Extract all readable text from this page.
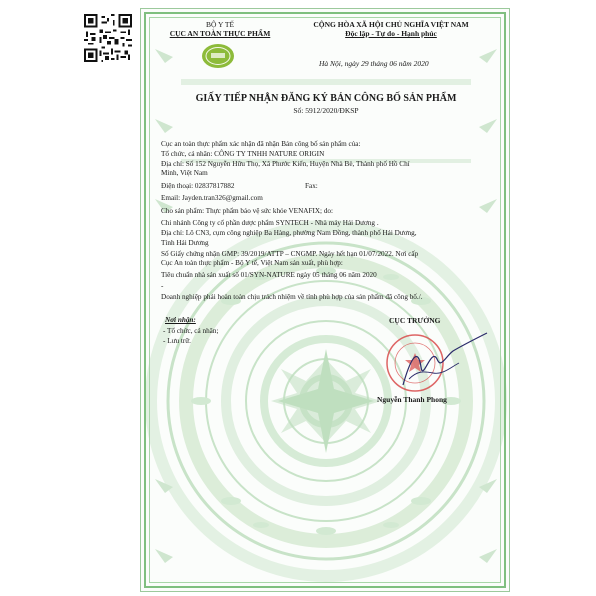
BỘ Y TẾ
CỤC AN TOÀN THỰC PHẨM
CỘNG HÒA XÃ HỘI CHỦ NGHĨA VIỆT NAM
Độc lập - Tự do - Hạnh phúc
Hà Nội, ngày 29 tháng 06 năm 2020
GIẤY TIẾP NHẬN ĐĂNG KÝ BẢN CÔNG BỐ SẢN PHẨM
Số: 5912/2020/ĐKSP
Cục an toàn thực phẩm xác nhận đã nhận Bản công bố sản phẩm của:
Tổ chức, cá nhân: CÔNG TY TNHH NATURE ORIGIN
Địa chỉ: Số 152 Nguyễn Hữu Thọ, Xã Phước Kiển, Huyện Nhà Bè, Thành phố Hồ Chí
Minh, Việt Nam
Điện thoại: 02837817882	Fax:
Email: Jayden.tran326@gmail.com
Cho sản phẩm: Thực phẩm bảo vệ sức khỏe VENAFIX; do:
Chi nhánh Công ty cổ phần dược phẩm SYNTECH - Nhà máy Hải Dương .
Địa chỉ: Lô CN3, cụm công nghiệp Ba Hàng, phường Nam Đồng, thành phố Hải Dương,
Tỉnh Hải Dương
Số Giấy chứng nhận GMP: 39/2019/ATTP – CNGMP. Ngày hết hạn 01/07/2022. Nơi cấp
Cục An toàn thực phẩm - Bộ Y tế, Việt Nam sản xuất, phù hợp:
Tiêu chuẩn nhà sản xuất số 01/SYN-NATURE ngày 05 tháng 06 năm 2020
-
Doanh nghiệp phải hoàn toàn chịu trách nhiệm về tính phù hợp của sản phẩm đã công bố./.
Nơi nhận:
- Tổ chức, cá nhân;
- Lưu trữ.
CỤC TRƯỞNG
Nguyễn Thanh Phong
